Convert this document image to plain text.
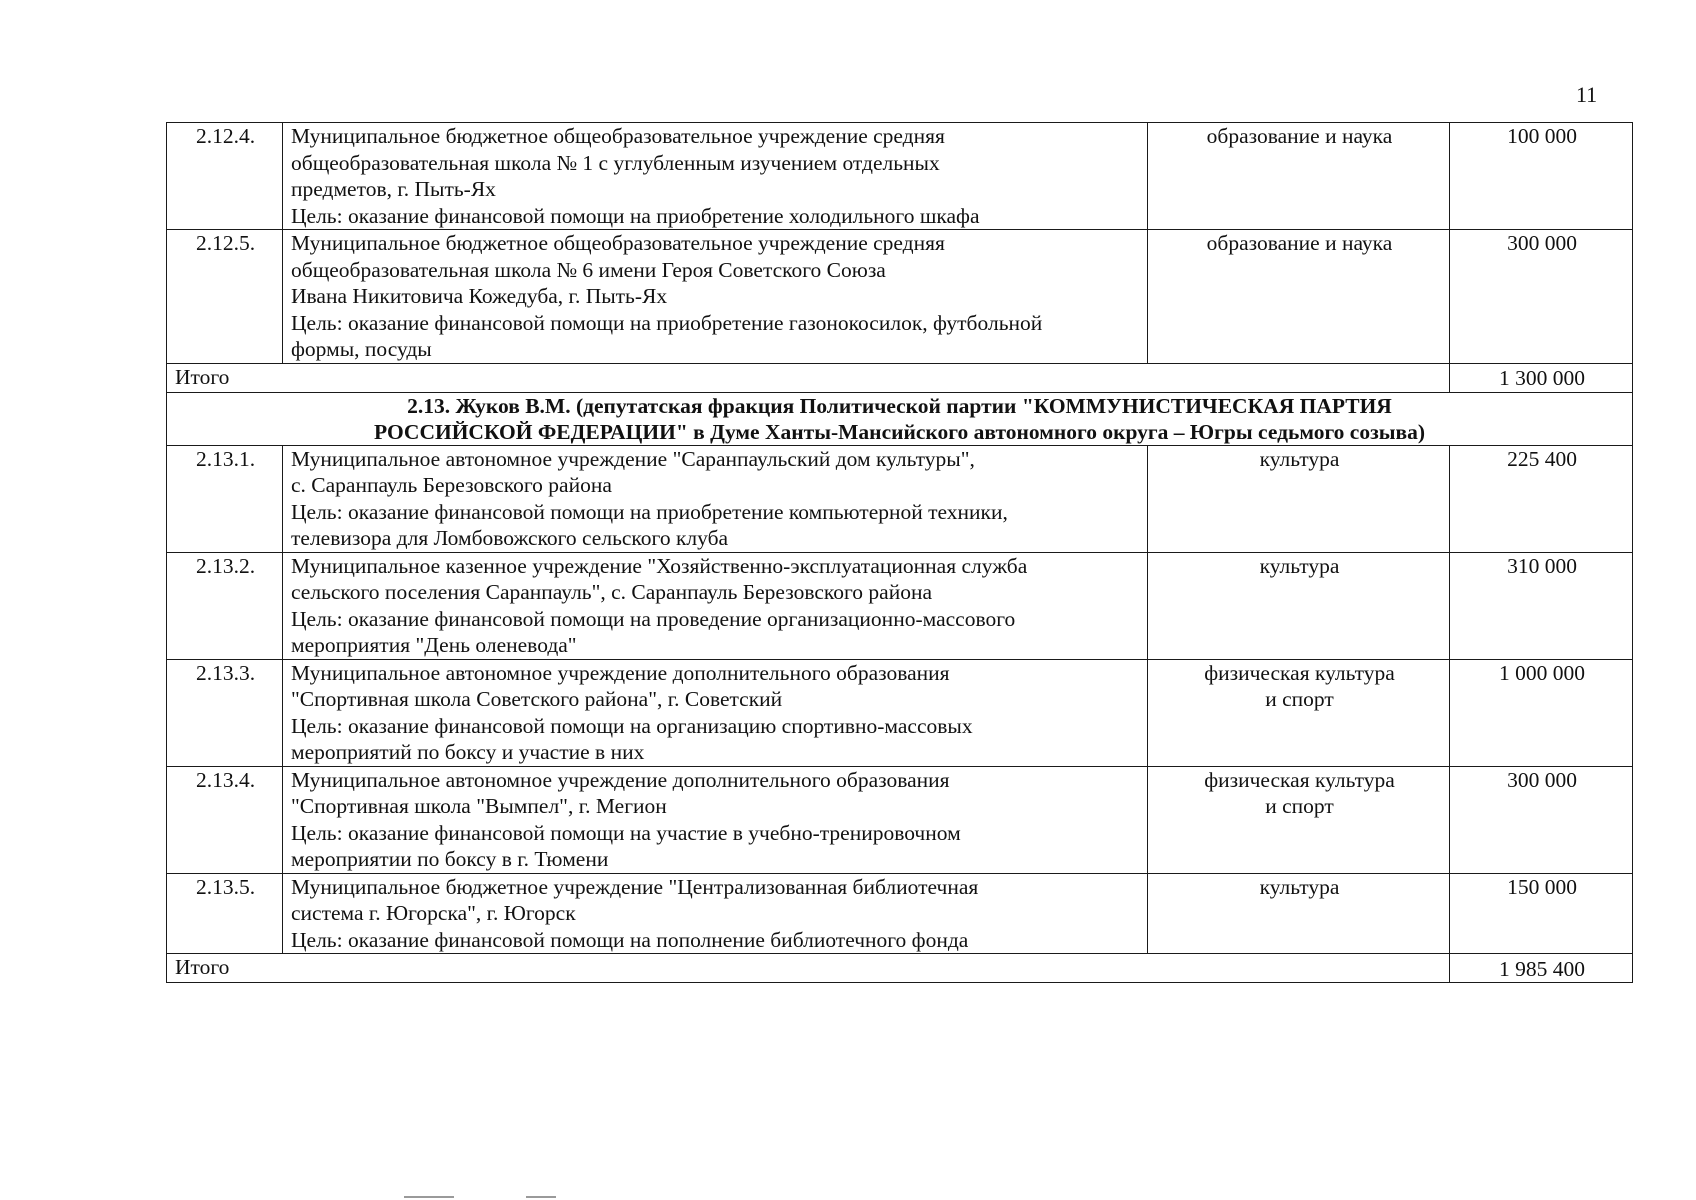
11
2.12.4.	Муниципальное бюджетное общеобразовательное учреждение средняя
общеобразовательная школа № 1 с углубленным изучением отдельных
предметов, г. Пыть-Ях
Цель: оказание финансовой помощи на приобретение холодильного шкафа	образование и наука	100 000
2.12.5.	Муниципальное бюджетное общеобразовательное учреждение средняя
общеобразовательная школа № 6 имени Героя Советского Союза
Ивана Никитовича Кожедуба, г. Пыть-Ях
Цель: оказание финансовой помощи на приобретение газонокосилок, футбольной
формы, посуды	образование и наука	300 000
Итого			1 300 000

2.13. Жуков В.М. (депутатская фракция Политической партии "КОММУНИСТИЧЕСКАЯ ПАРТИЯ
РОССИЙСКОЙ ФЕДЕРАЦИИ" в Думе Ханты-Мансийского автономного округа – Югры седьмого созыва)			

2.13.1.	Муниципальное автономное учреждение "Саранпаульский дом культуры",
с. Саранпауль Березовского района
Цель: оказание финансовой помощи на приобретение компьютерной техники,
телевизора для Ломбовожского сельского клуба	культура	225 400
2.13.2.	Муниципальное казенное учреждение "Хозяйственно-эксплуатационная служба
сельского поселения Саранпауль", с. Саранпауль Березовского района
Цель: оказание финансовой помощи на проведение организационно-массового
мероприятия "День оленевода"	культура	310 000
2.13.3.	Муниципальное автономное учреждение дополнительного образования
"Спортивная школа Советского района", г. Советский
Цель: оказание финансовой помощи на организацию спортивно-массовых
мероприятий по боксу и участие в них	физическая культура
и спорт	1 000 000
2.13.4.	Муниципальное автономное учреждение дополнительного образования
"Спортивная школа "Вымпел", г. Мегион
Цель: оказание финансовой помощи на участие в учебно-тренировочном
мероприятии по боксу в г. Тюмени	физическая культура
и спорт	300 000
2.13.5.	Муниципальное бюджетное учреждение "Централизованная библиотечная
система г. Югорска", г. Югорск
Цель: оказание финансовой помощи на пополнение библиотечного фонда	культура	150 000
Итого			1 985 400
